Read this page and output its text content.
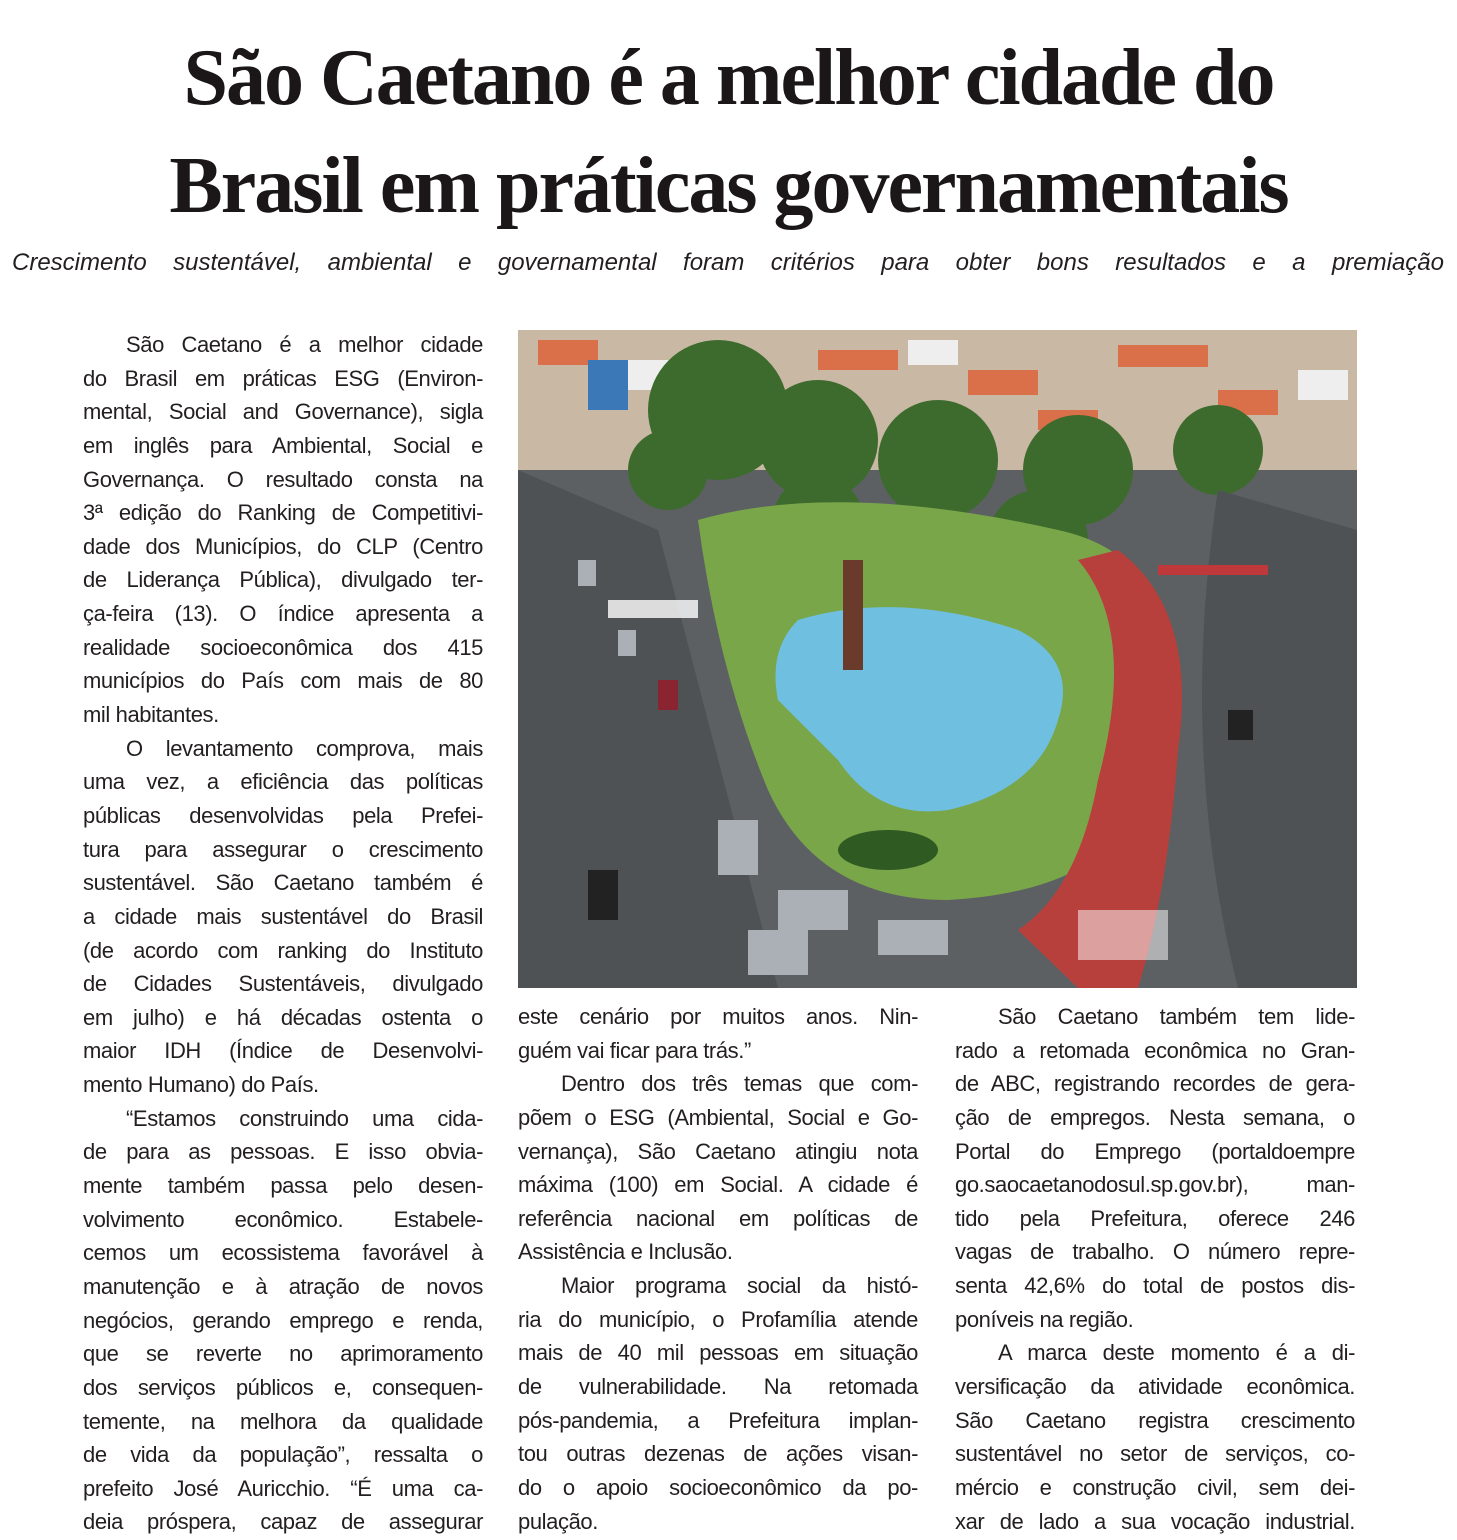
São Caetano é a melhor cidade do
Brasil em práticas governamentais
Crescimento sustentável, ambiental e governamental foram critérios para obter bons resultados e a premiação
São Caetano é a melhor cidade
do Brasil em práticas ESG (Environ-
mental, Social and Governance), sigla
em inglês para Ambiental, Social e
Governança. O resultado consta na
3ª edição do Ranking de Competitivi-
dade dos Municípios, do CLP (Centro
de Liderança Pública), divulgado ter-
ça-feira (13). O índice apresenta a
realidade socioeconômica dos 415
municípios do País com mais de 80
mil habitantes.
O levantamento comprova, mais
uma vez, a eficiência das políticas
públicas desenvolvidas pela Prefei-
tura para assegurar o crescimento
sustentável. São Caetano também é
a cidade mais sustentável do Brasil
(de acordo com ranking do Instituto
de Cidades Sustentáveis, divulgado
em julho) e há décadas ostenta o
maior IDH (Índice de Desenvolvi-
mento Humano) do País.
“Estamos construindo uma cida-
de para as pessoas. E isso obvia-
mente também passa pelo desen-
volvimento econômico. Estabele-
cemos um ecossistema favorável à
manutenção e à atração de novos
negócios, gerando emprego e renda,
que se reverte no aprimoramento
dos serviços públicos e, consequen-
temente, na melhora da qualidade
de vida da população”, ressalta o
prefeito José Auricchio. “É uma ca-
deia próspera, capaz de assegurar
este cenário por muitos anos. Nin-
guém vai ficar para trás.”
Dentro dos três temas que com-
põem o ESG (Ambiental, Social e Go-
vernança), São Caetano atingiu nota
máxima (100) em Social. A cidade é
referência nacional em políticas de
Assistência e Inclusão.
Maior programa social da histó-
ria do município, o Profamília atende
mais de 40 mil pessoas em situação
de vulnerabilidade. Na retomada
pós-pandemia, a Prefeitura implan-
tou outras dezenas de ações visan-
do o apoio socioeconômico da po-
pulação.
São Caetano também tem lide-
rado a retomada econômica no Gran-
de ABC, registrando recordes de gera-
ção de empregos. Nesta semana, o
Portal do Emprego (portaldoempre
go.saocaetanodosul.sp.gov.br), man-
tido pela Prefeitura, oferece 246
vagas de trabalho. O número repre-
senta 42,6% do total de postos dis-
poníveis na região.
A marca deste momento é a di-
versificação da atividade econômica.
São Caetano registra crescimento
sustentável no setor de serviços, co-
mércio e construção civil, sem dei-
xar de lado a sua vocação industrial.
